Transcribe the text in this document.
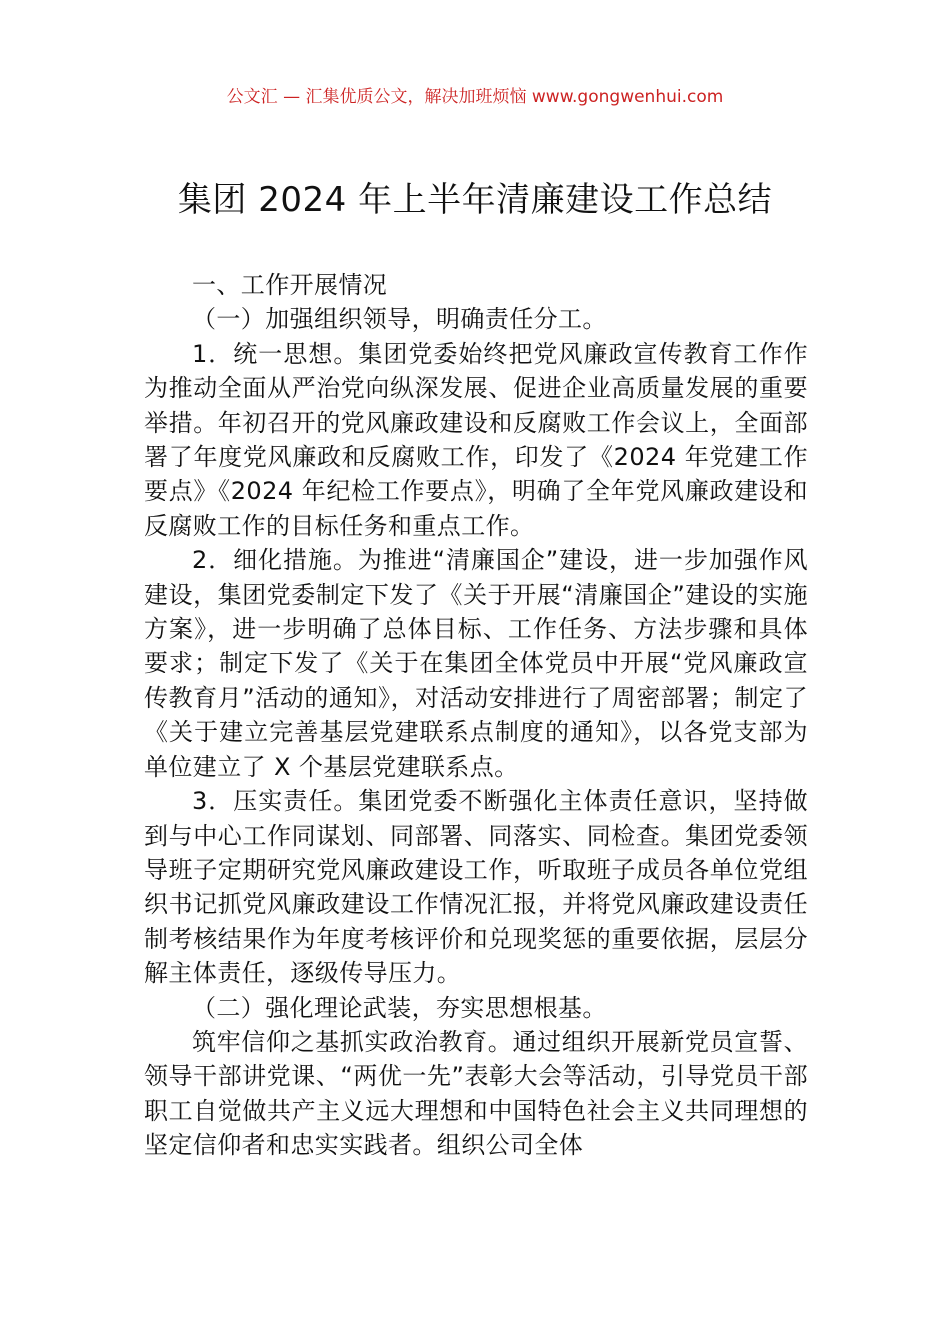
公文汇 — 汇集优质公文，解决加班烦恼 www.gongwenhui.com
集团 2024 年上半年清廉建设工作总结

一、工作开展情况

（一）加强组织领导，明确责任分工。

1．统一思想。集团党委始终把党风廉政宣传教育工作作为推动全面从严治党向纵深发展、促进企业高质量发展的重要举措。年初召开的党风廉政建设和反腐败工作会议上，全面部署了年度党风廉政和反腐败工作，印发了《2024 年党建工作要点》《2024 年纪检工作要点》，明确了全年党风廉政建设和反腐败工作的目标任务和重点工作。

2．细化措施。为推进“清廉国企”建设，进一步加强作风建设，集团党委制定下发了《关于开展“清廉国企”建设的实施方案》，进一步明确了总体目标、工作任务、方法步骤和具体要求；制定下发了《关于在集团全体党员中开展“党风廉政宣传教育月”活动的通知》，对活动安排进行了周密部署；制定了《关于建立完善基层党建联系点制度的通知》，以各党支部为单位建立了 X 个基层党建联系点。

3．压实责任。集团党委不断强化主体责任意识，坚持做到与中心工作同谋划、同部署、同落实、同检查。集团党委领导班子定期研究党风廉政建设工作，听取班子成员各单位党组织书记抓党风廉政建设工作情况汇报，并将党风廉政建设责任制考核结果作为年度考核评价和兑现奖惩的重要依据，层层分解主体责任，逐级传导压力。

（二）强化理论武装，夯实思想根基。

筑牢信仰之基抓实政治教育。通过组织开展新党员宣誓、领导干部讲党课、“两优一先”表彰大会等活动，引导党员干部职工自觉做共产主义远大理想和中国特色社会主义共同理想的坚定信仰者和忠实实践者。组织公司全体
